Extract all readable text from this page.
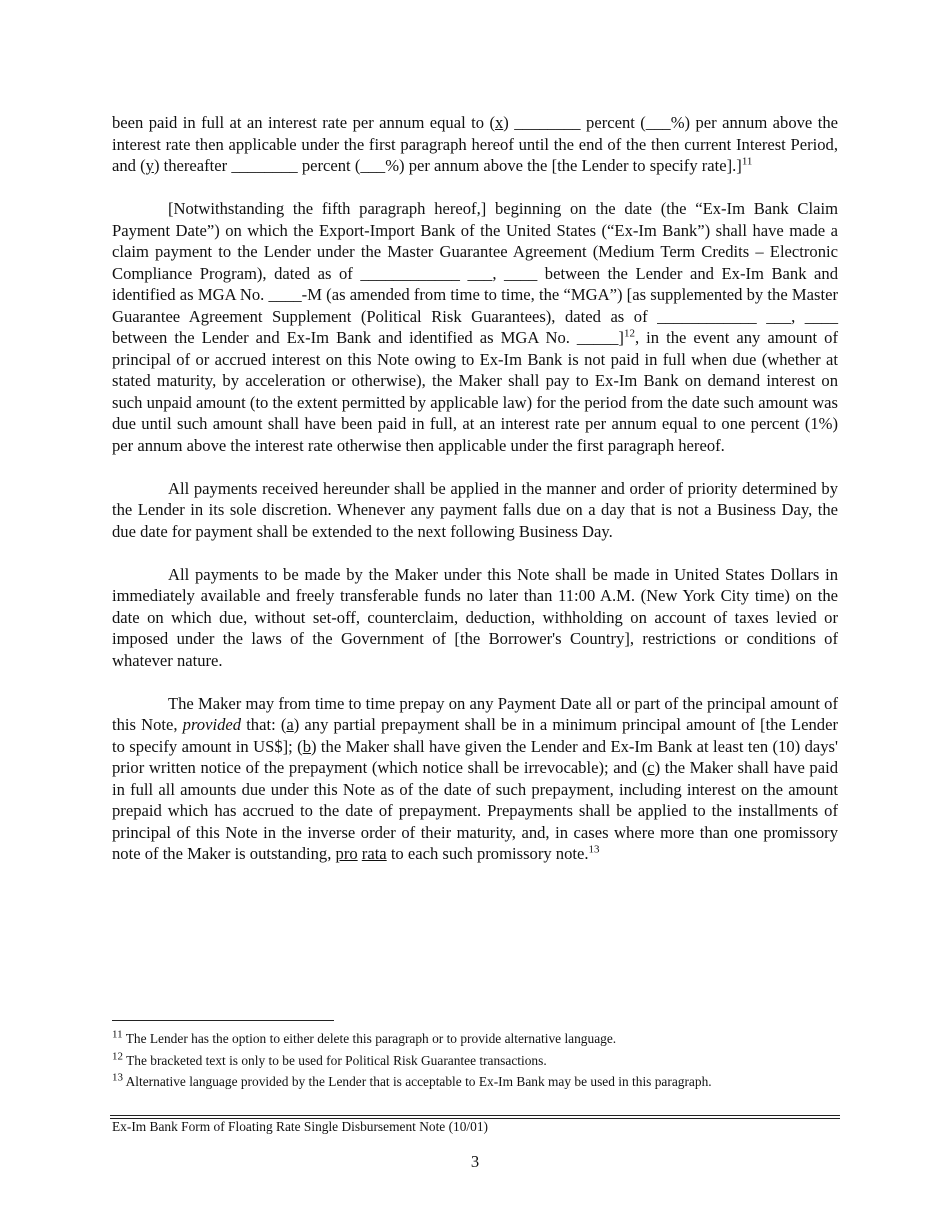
been paid in full at an interest rate per annum equal to (x) ________ percent (___%) per annum above the interest rate then applicable under the first paragraph hereof until the end of the then current Interest Period, and (y) thereafter ________ percent (___%) per annum above the [the Lender to specify rate].]$^{11}$

[Notwithstanding the fifth paragraph hereof,] beginning on the date (the “Ex-Im Bank Claim Payment Date”) on which the Export-Import Bank of the United States (“Ex-Im Bank”) shall have made a claim payment to the Lender under the Master Guarantee Agreement (Medium Term Credits – Electronic Compliance Program), dated as of ____________ ___, ____ between the Lender and Ex-Im Bank and identified as MGA No. ____-M (as amended from time to time, the “MGA”) [as supplemented by the Master Guarantee Agreement Supplement (Political Risk Guarantees), dated as of ____________ ___, ____ between the Lender and Ex-Im Bank and identified as MGA No. _____]$^{12}$, in the event any amount of principal of or accrued interest on this Note owing to Ex-Im Bank is not paid in full when due (whether at stated maturity, by acceleration or otherwise), the Maker shall pay to Ex-Im Bank on demand interest on such unpaid amount (to the extent permitted by applicable law) for the period from the date such amount was due until such amount shall have been paid in full, at an interest rate per annum equal to one percent (1%) per annum above the interest rate otherwise then applicable under the first paragraph hereof.

All payments received hereunder shall be applied in the manner and order of priority determined by the Lender in its sole discretion. Whenever any payment falls due on a day that is not a Business Day, the due date for payment shall be extended to the next following Business Day.

All payments to be made by the Maker under this Note shall be made in United States Dollars in immediately available and freely transferable funds no later than 11:00 A.M. (New York City time) on the date on which due, without set-off, counterclaim, deduction, withholding on account of taxes levied or imposed under the laws of the Government of [the Borrower's Country], restrictions or conditions of whatever nature.

The Maker may from time to time prepay on any Payment Date all or part of the principal amount of this Note, provided that: (a) any partial prepayment shall be in a minimum principal amount of [the Lender to specify amount in US$]; (b) the Maker shall have given the Lender and Ex-Im Bank at least ten (10) days' prior written notice of the prepayment (which notice shall be irrevocable); and (c) the Maker shall have paid in full all amounts due under this Note as of the date of such prepayment, including interest on the amount prepaid which has accrued to the date of prepayment. Prepayments shall be applied to the installments of principal of this Note in the inverse order of their maturity, and, in cases where more than one promissory note of the Maker is outstanding, pro rata to each such promissory note.$^{13}$

$^{11}$ The Lender has the option to either delete this paragraph or to provide alternative language.
$^{12}$ The bracketed text is only to be used for Political Risk Guarantee transactions.
$^{13}$ Alternative language provided by the Lender that is acceptable to Ex-Im Bank may be used in this paragraph.
Ex-Im Bank Form of Floating Rate Single Disbursement Note (10/01)
3
